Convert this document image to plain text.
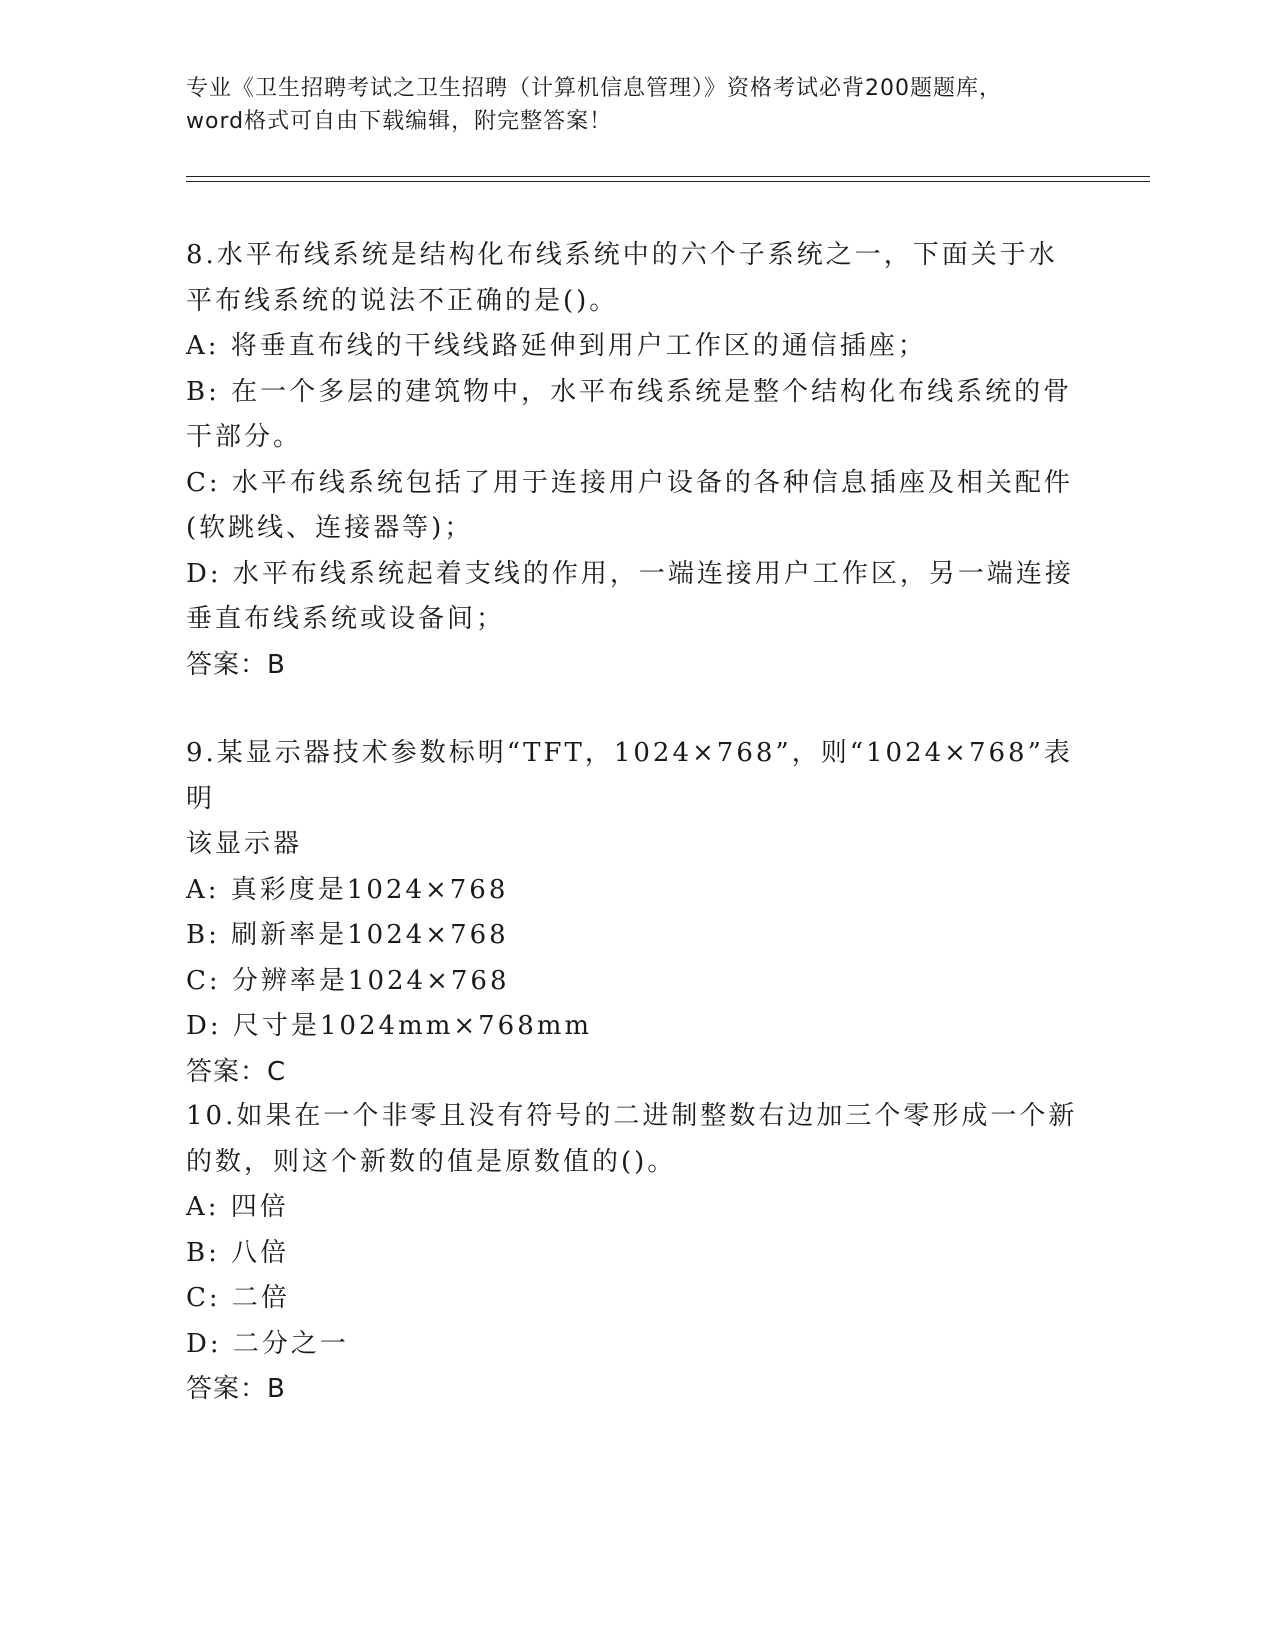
专业《卫生招聘考试之卫生招聘（计算机信息管理）》资格考试必背200题题库，
word格式可自由下载编辑，附完整答案！

8.水平布线系统是结构化布线系统中的六个子系统之一，下面关于水
平布线系统的说法不正确的是()。

A: 将垂直布线的干线线路延伸到用户工作区的通信插座；

B: 在一个多层的建筑物中，水平布线系统是整个结构化布线系统的骨
干部分。

C: 水平布线系统包括了用于连接用户设备的各种信息插座及相关配件
(软跳线、连接器等)；

D: 水平布线系统起着支线的作用，一端连接用户工作区，另一端连接
垂直布线系统或设备间；

答案：B

9.某显示器技术参数标明“TFT，1024×768”，则“1024×768”表明
该显示器

A: 真彩度是1024×768

B: 刷新率是1024×768

C: 分辨率是1024×768

D: 尺寸是1024mm×768mm

答案：C

10.如果在一个非零且没有符号的二进制整数右边加三个零形成一个新
的数，则这个新数的值是原数值的()。

A: 四倍

B: 八倍

C: 二倍

D: 二分之一

答案：B
